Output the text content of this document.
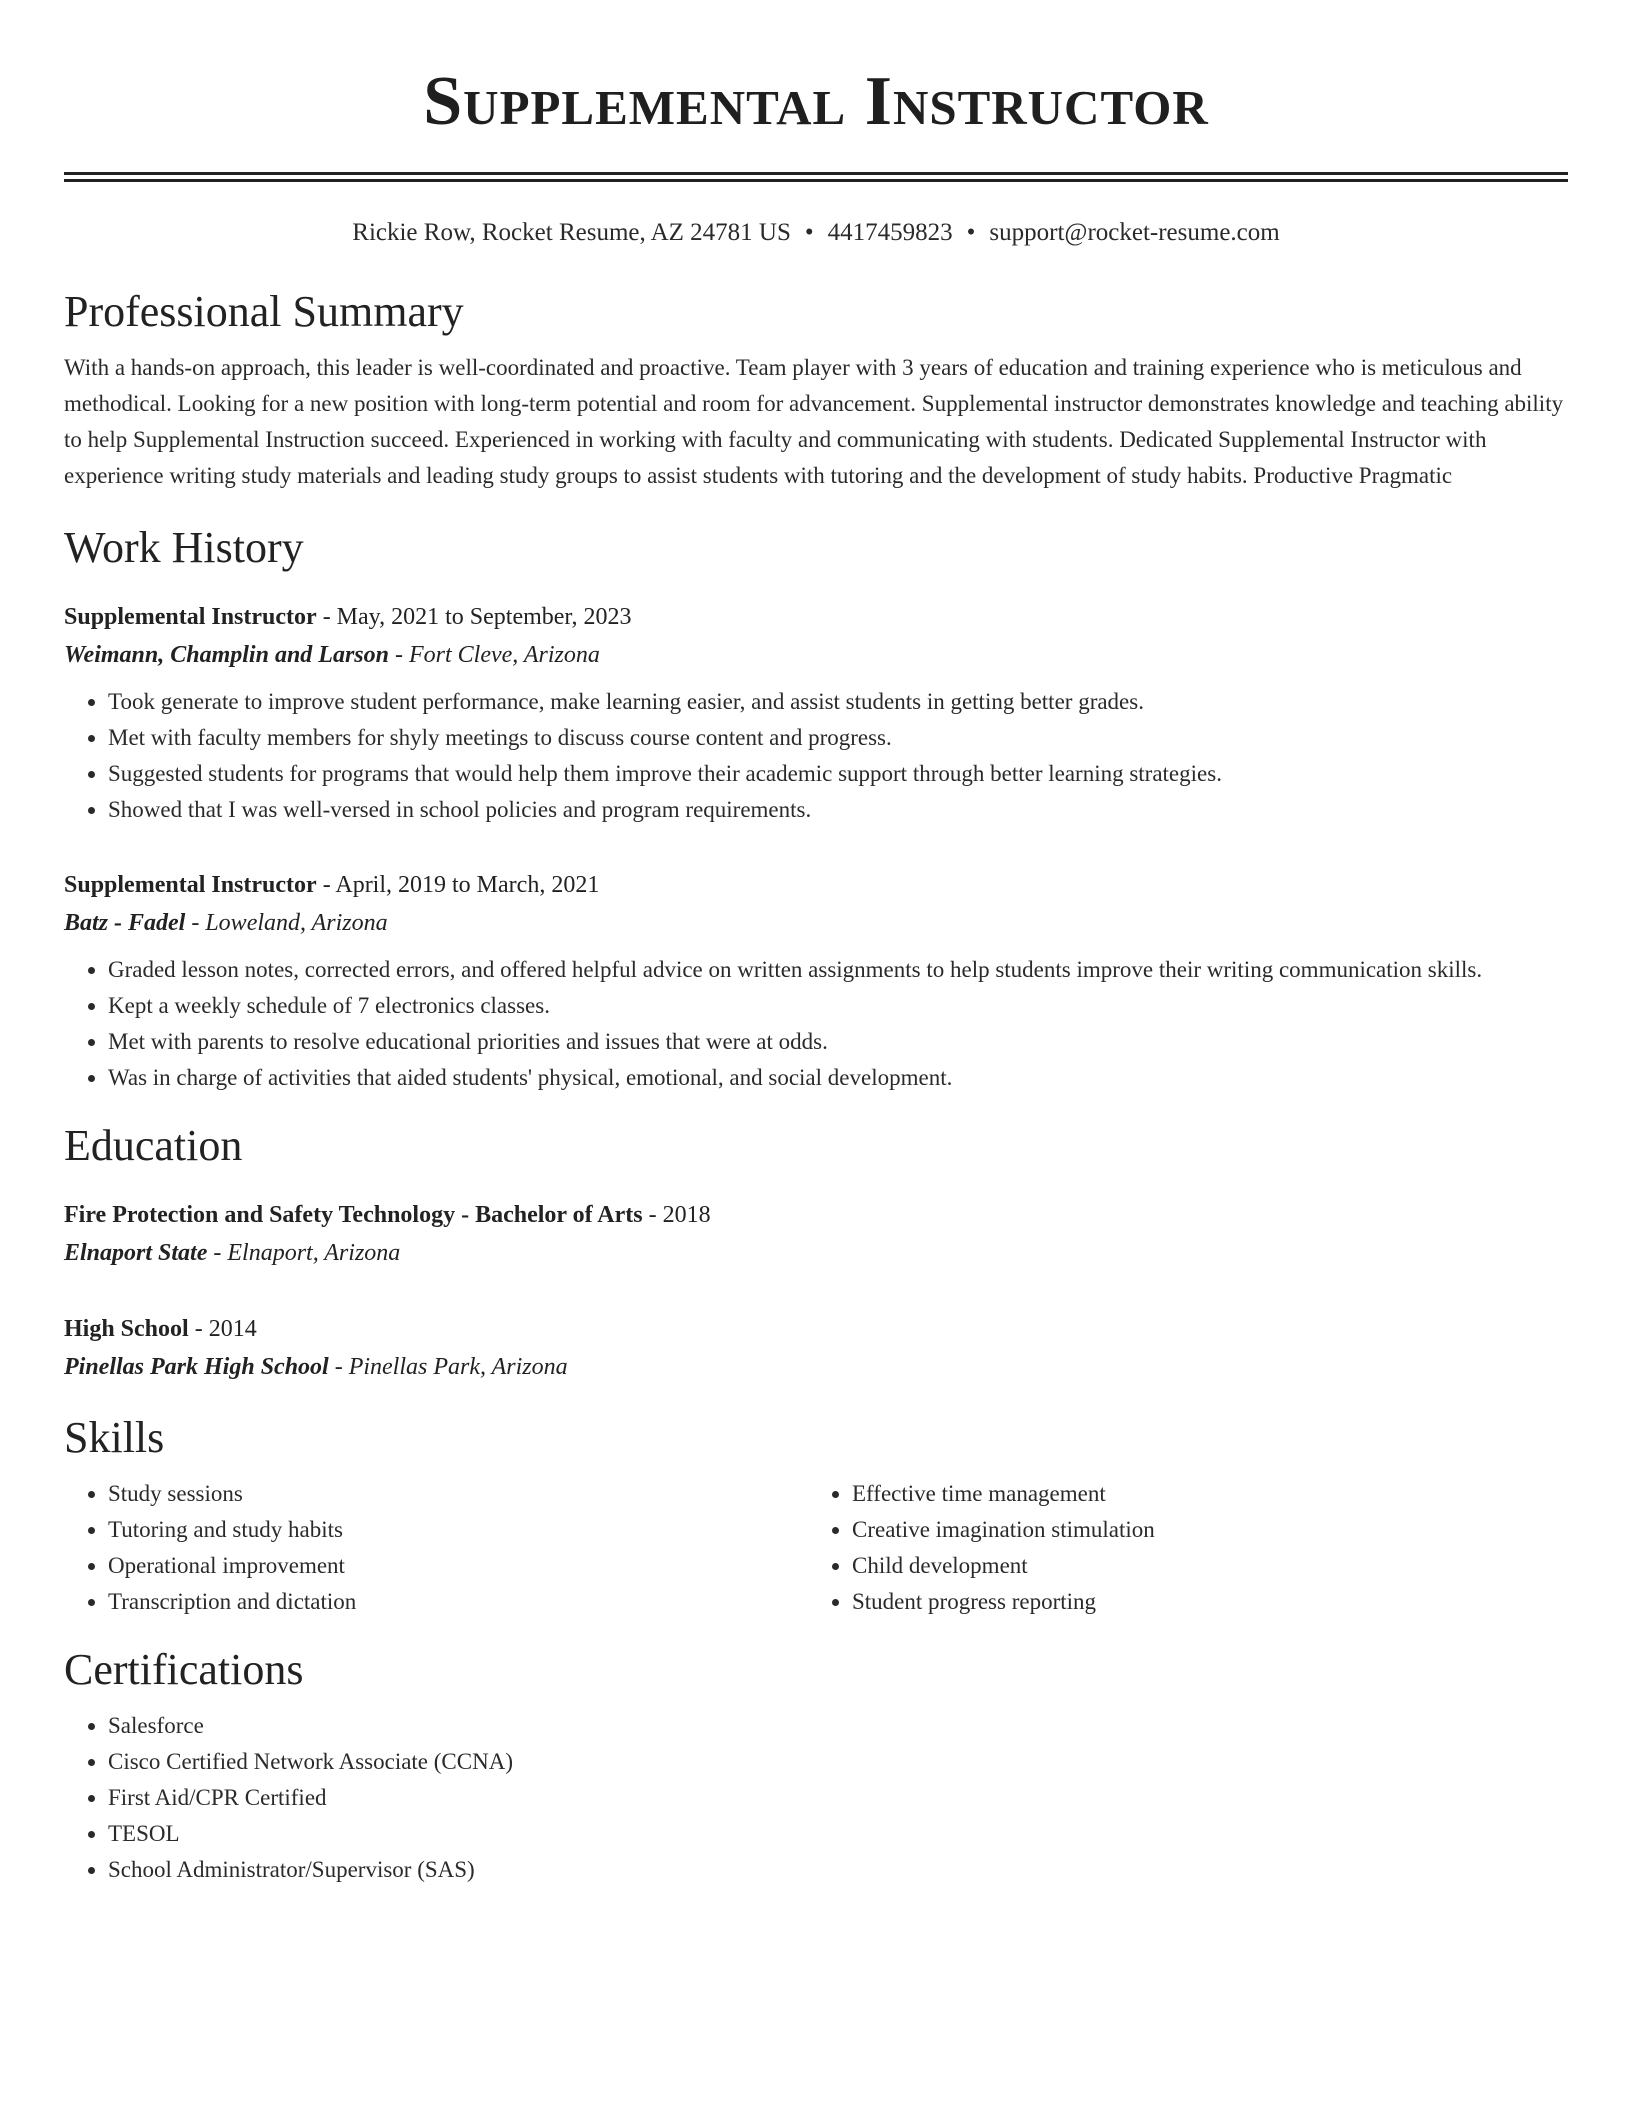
Supplemental Instructor
Rickie Row, Rocket Resume, AZ 24781 US • 4417459823 • support@rocket-resume.com
Professional Summary

With a hands-on approach, this leader is well-coordinated and proactive. Team player with 3 years of education and training experience who is meticulous and methodical. Looking for a new position with long-term potential and room for advancement. Supplemental instructor demonstrates knowledge and teaching ability to help Supplemental Instruction succeed. Experienced in working with faculty and communicating with students. Dedicated Supplemental Instructor with experience writing study materials and leading study groups to assist students with tutoring and the development of study habits. Productive Pragmatic

Work History
Supplemental Instructor - May, 2021 to September, 2023
Weimann, Champlin and Larson - Fort Cleve, Arizona
• Took generate to improve student performance, make learning easier, and assist students in getting better grades.
• Met with faculty members for shyly meetings to discuss course content and progress.
• Suggested students for programs that would help them improve their academic support through better learning strategies.
• Showed that I was well-versed in school policies and program requirements.
Supplemental Instructor - April, 2019 to March, 2021
Batz - Fadel - Loweland, Arizona
• Graded lesson notes, corrected errors, and offered helpful advice on written assignments to help students improve their writing communication skills.
• Kept a weekly schedule of 7 electronics classes.
• Met with parents to resolve educational priorities and issues that were at odds.
• Was in charge of activities that aided students' physical, emotional, and social development.
Education
Fire Protection and Safety Technology - Bachelor of Arts - 2018
Elnaport State - Elnaport, Arizona
High School - 2014
Pinellas Park High School - Pinellas Park, Arizona
Skills
• Study sessions
• Tutoring and study habits
• Operational improvement
• Transcription and dictation
• Effective time management
• Creative imagination stimulation
• Child development
• Student progress reporting
Certifications
• Salesforce
• Cisco Certified Network Associate (CCNA)
• First Aid/CPR Certified
• TESOL
• School Administrator/Supervisor (SAS)
